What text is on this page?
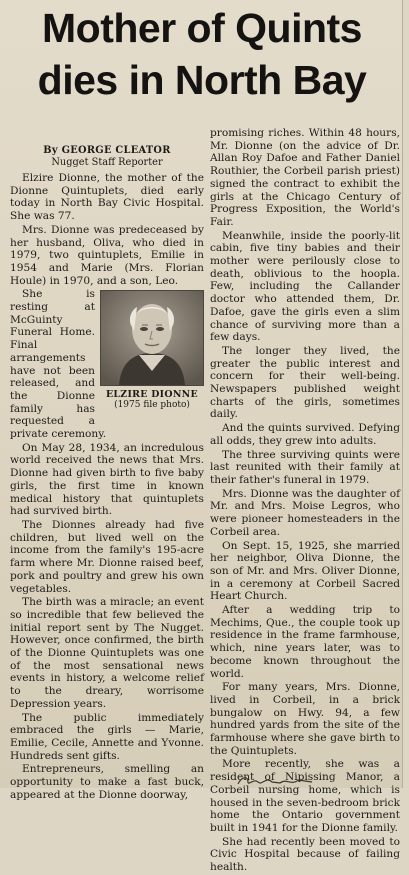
Mother of Quints
dies in North Bay
By GEORGE CLEATOR
Nugget Staff Reporter

Elzire Dionne, the mother of the Dionne Quintuplets, died early today in North Bay Civic Hospital. She was 77.

Mrs. Dionne was predeceased by her husband, Oliva, who died in 1979, two quintuplets, Emilie in 1954 and Marie (Mrs. Florian Houle) in 1970, and a son, Leo.

ELZIRE DIONNE
(1975 file photo)

She is resting at McGuinty Funeral Home. Final arrangements have not been released, and the Dionne family has requested a private ceremony.

On May 28, 1934, an incredulous world received the news that Mrs. Dionne had given birth to five baby girls, the first time in known medical history that quintuplets had survived birth.

The Dionnes already had five children, but lived well on the income from the family's 195-acre farm where Mr. Dionne raised beef, pork and poultry and grew his own vegetables.

The birth was a miracle; an event so incredible that few believed the initial report sent by The Nugget. However, once confirmed, the birth of the Dionne Quintuplets was one of the most sensational news events in history, a welcome relief to the dreary, worrisome Depression years.

The public immediately embraced the girls — Marie, Emilie, Cecile, Annette and Yvonne. Hundreds sent gifts.

Entrepreneurs, smelling an opportunity to make a fast buck, appeared at the Dionne doorway,

promising riches. Within 48 hours, Mr. Dionne (on the advice of Dr. Allan Roy Dafoe and Father Daniel Routhier, the Corbeil parish priest) signed the contract to exhibit the girls at the Chicago Century of Progress Exposition, the World's Fair.

Meanwhile, inside the poorly-lit cabin, five tiny babies and their mother were perilously close to death, oblivious to the hoopla. Few, including the Callander doctor who attended them, Dr. Dafoe, gave the girls even a slim chance of surviving more than a few days.

The longer they lived, the greater the public interest and concern for their well-being. Newspapers published weight charts of the girls, sometimes daily.

And the quints survived. Defying all odds, they grew into adults.

The three surviving quints were last reunited with their family at their father's funeral in 1979.

Mrs. Dionne was the daughter of Mr. and Mrs. Moise Legros, who were pioneer homesteaders in the Corbeil area.

On Sept. 15, 1925, she married her neighbor, Oliva Dionne, the son of Mr. and Mrs. Oliver Dionne, in a ceremony at Corbeil Sacred Heart Church.

After a wedding trip to Mechims, Que., the couple took up residence in the frame farmhouse, which, nine years later, was to become known throughout the world.

For many years, Mrs. Dionne, lived in Corbeil, in a brick bungalow on Hwy. 94, a few hundred yards from the site of the farmhouse where she gave birth to the Quintuplets.

More recently, she was a resident of Nipissing Manor, a Corbeil nursing home, which is housed in the seven-bedroom brick home the Ontario government built in 1941 for the Dionne family.

She had recently been moved to Civic Hospital because of failing health.
